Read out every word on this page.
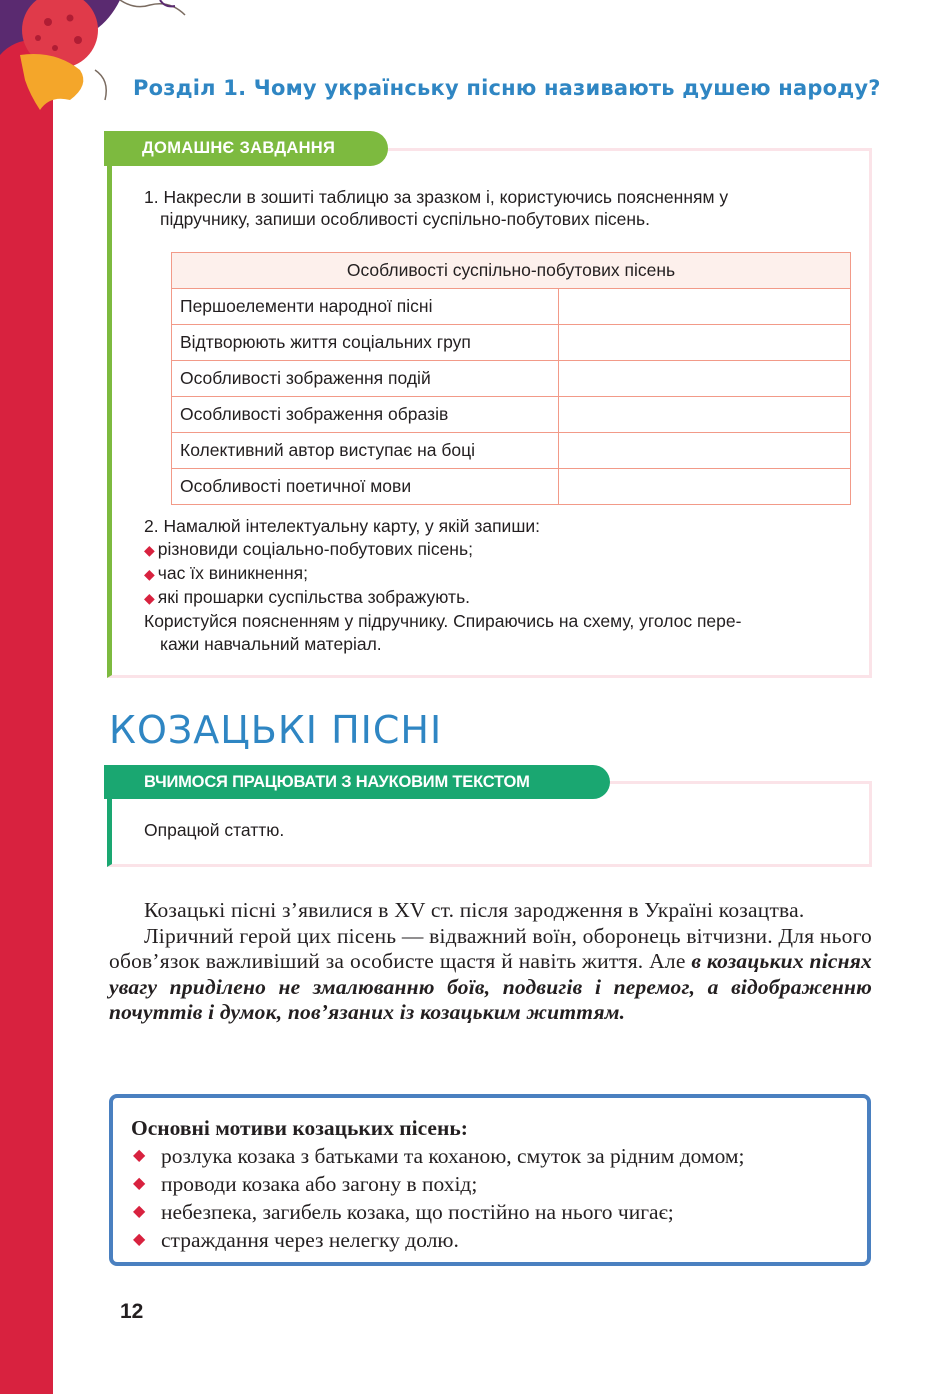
Розділ 1. Чому українську пісню називають душею народу?
ДОМАШНЄ ЗАВДАННЯ
1. Накресли в зошиті таблицю за зразком і, користуючись поясненням у
підручнику, запиши особливості суспільно-побутових пісень.
Особливості суспільно-побутових пісень	
Першоелементи народної пісні	
Відтворюють життя соціальних груп	
Особливості зображення подій	
Особливості зображення образів	
Колективний автор виступає на боці	
Особливості поетичної мови	
2. Намалюй інтелектуальну карту, у якій запиши:
◆ різновиди соціально-побутових пісень;
◆ час їх виникнення;
◆ які прошарки суспільства зображують.
Користуйся поясненням у підручнику. Спираючись на схему, уголос пере-
кажи навчальний матеріал.
КОЗАЦЬКІ ПІСНІ
ВЧИМОСЯ ПРАЦЮВАТИ З НАУКОВИМ ТЕКСТОМ
Опрацюй статтю.

Козацькі пісні з’явилися в XV ст. після зародження в Україні козацтва.

Ліричний герой цих пісень — відважний воїн, оборонець вітчизни. Для нього обов’язок важливіший за особисте щастя й навіть життя. Але в козацьких піснях увагу приділено не змалюванню боїв, подвигів і перемог, а відображенню почуттів і думок, пов’язаних із козацьким життям.

Основні мотиви козацьких пісень:
◆ розлука козака з батьками та коханою, смуток за рідним домом;
◆ проводи козака або загону в похід;
◆ небезпека, загибель козака, що постійно на нього чигає;
◆ страждання через нелегку долю.
12
